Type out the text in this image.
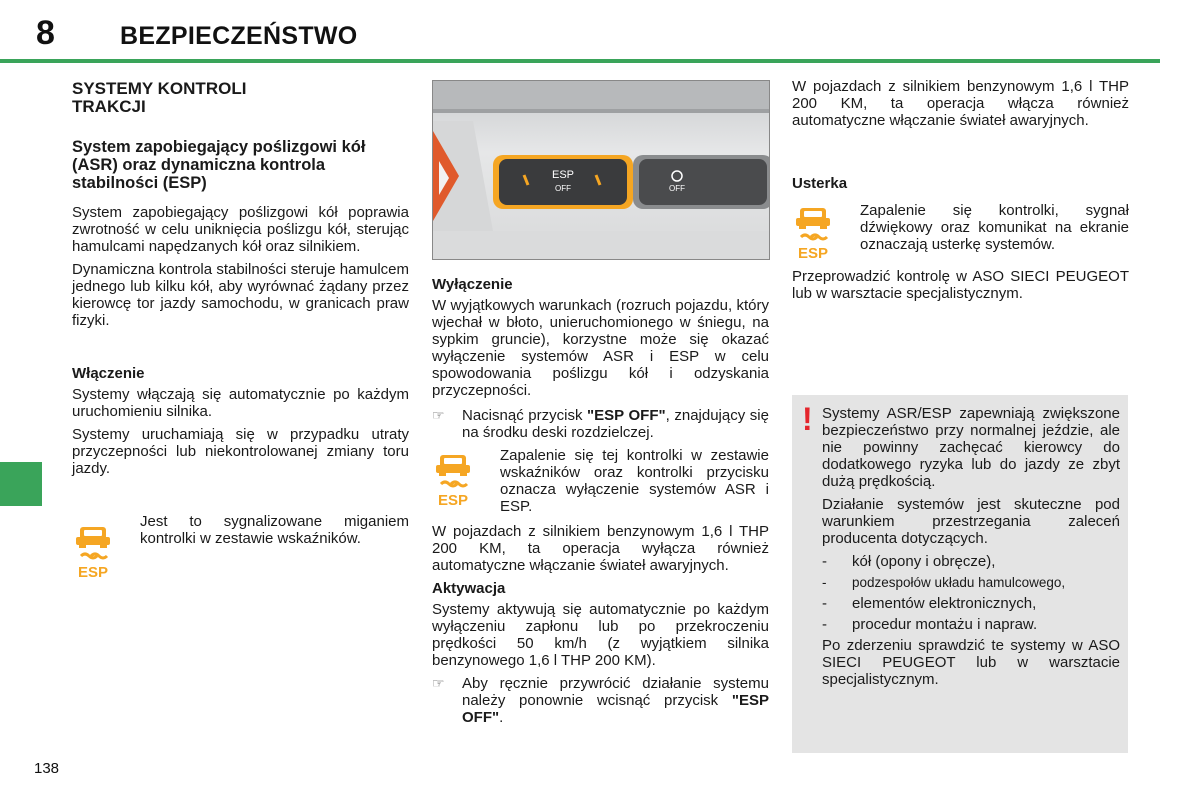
8	BEZPIECZEŃSTWO
138
SYSTEMY KONTROLI TRAKCJI
System zapobiegający poślizgowi kół (ASR) oraz dynamiczna kontrola stabilności (ESP)

System zapobiegający poślizgowi kół poprawia zwrotność w celu uniknięcia poślizgu kół, sterując hamulcami napędzanych kół oraz silnikiem.

Dynamiczna kontrola stabilności steruje hamulcem jednego lub kilku kół, aby wyrównać żądany przez kierowcę tor jazdy samochodu, w granicach praw fizyki.

Włączenie

Systemy włączają się automatycznie po każdym uruchomieniu silnika.

Systemy uruchamiają się w przypadku utraty przyczepności lub niekontrolowanej zmiany toru jazdy.

ESP
Jest to sygnalizowane miganiem kontrolki w zestawie wskaźników.
ESP
OFF	OFF
Wyłączenie

W wyjątkowych warunkach (rozruch pojazdu, który wjechał w błoto, unieruchomionego w śniegu, na sypkim gruncie), korzystne może się okazać wyłączenie systemów ASR i ESP w celu spowodowania poślizgu kół i odzyskania przyczepności.

☞	Nacisnąć przycisk "ESP OFF", znajdujący się na środku deski rozdzielczej.
ESP
Zapalenie się tej kontrolki w zestawie wskaźników oraz kontrolki przycisku oznacza wyłączenie systemów ASR i ESP.

W pojazdach z silnikiem benzynowym 1,6 l THP 200 KM, ta operacja wyłącza również automatyczne włączanie świateł awaryjnych.

Aktywacja

Systemy aktywują się automatycznie po każdym wyłączeniu zapłonu lub po przekroczeniu prędkości 50 km/h (z wyjątkiem silnika benzynowego 1,6 l THP 200 KM).

☞	Aby ręcznie przywrócić działanie systemu należy ponownie wcisnąć przycisk "ESP OFF".

W pojazdach z silnikiem benzynowym 1,6 l THP 200 KM, ta operacja włącza również automatyczne włączanie świateł awaryjnych.

Usterka
ESP
Zapalenie się kontrolki, sygnał dźwiękowy oraz komunikat na ekranie oznaczają usterkę systemów.

Przeprowadzić kontrolę w ASO SIECI PEUGEOT lub w warsztacie specjalistycznym.

! Systemy ASR/ESP zapewniają zwiększone bezpieczeństwo przy normalnej jeździe, ale nie powinny zachęcać kierowcy do dodatkowego ryzyka lub do jazdy ze zbyt dużą prędkością.

Działanie systemów jest skuteczne pod warunkiem przestrzegania zaleceń producenta dotyczących.

-	kół (opony i obręcze),
-	podzespołów układu hamulcowego,
-	elementów elektronicznych,
-	procedur montażu i napraw.

Po zderzeniu sprawdzić te systemy w ASO SIECI PEUGEOT lub w warsztacie specjalistycznym.
